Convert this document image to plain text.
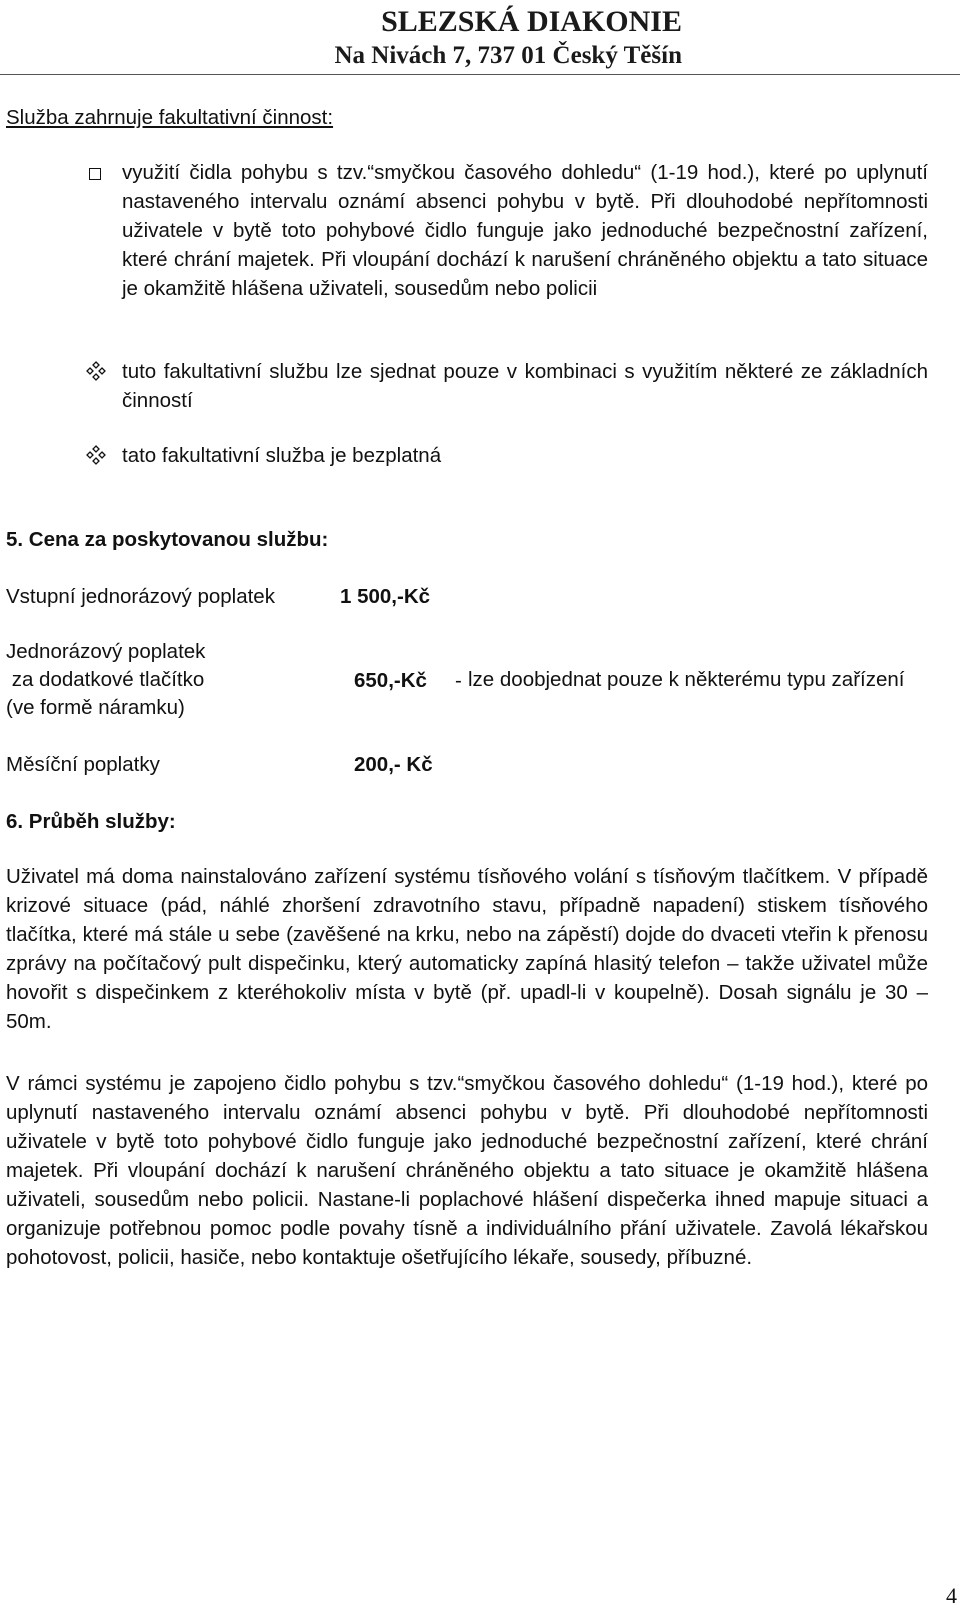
SLEZSKÁ DIAKONIE
Na Nivách 7, 737 01 Český Těšín
Služba zahrnuje fakultativní činnost:
využití čidla pohybu s tzv.“smyčkou časového dohledu“ (1-19 hod.), které po uplynutí nastaveného intervalu oznámí absenci pohybu v bytě. Při dlouhodobé nepřítomnosti uživatele v bytě toto pohybové čidlo funguje jako jednoduché bezpečnostní zařízení, které chrání majetek. Při vloupání dochází k narušení chráněného objektu a tato situace je okamžitě hlášena uživateli, sousedům nebo policii
tuto fakultativní službu lze sjednat pouze v kombinaci s využitím některé ze základních činností
tato fakultativní služba je bezplatná
5. Cena za poskytovanou službu:
Vstupní jednorázový poplatek	1 500,-Kč
Jednorázový poplatek
za dodatkové tlačítko
(ve formě náramku)
650,-Kč - lze doobjednat pouze k některému typu zařízení
Měsíční poplatky	200,- Kč
6. Průběh služby:
Uživatel má doma nainstalováno zařízení systému tísňového volání s tísňovým tlačítkem. V případě krizové situace (pád, náhlé zhoršení zdravotního stavu, případně napadení) stiskem tísňového tlačítka, které má stále u sebe (zavěšené na krku, nebo na zápěstí) dojde do dvaceti vteřin k přenosu zprávy na počítačový pult dispečinku, který automaticky zapíná hlasitý telefon – takže uživatel může hovořit s dispečinkem z kteréhokoliv místa v bytě (př. upadl-li v koupelně). Dosah signálu je 30 – 50m.
V rámci systému je zapojeno čidlo pohybu s tzv.“smyčkou časového dohledu“ (1-19 hod.), které po uplynutí nastaveného intervalu oznámí absenci pohybu v bytě. Při dlouhodobé nepřítomnosti uživatele v bytě toto pohybové čidlo funguje jako jednoduché bezpečnostní zařízení, které chrání majetek. Při vloupání dochází k narušení chráněného objektu a tato situace je okamžitě hlášena uživateli, sousedům nebo policii. Nastane-li poplachové hlášení dispečerka ihned mapuje situaci a organizuje potřebnou pomoc podle povahy tísně a individuálního přání uživatele. Zavolá lékařskou pohotovost, policii, hasiče, nebo kontaktuje ošetřujícího lékaře, sousedy, příbuzné.
4
